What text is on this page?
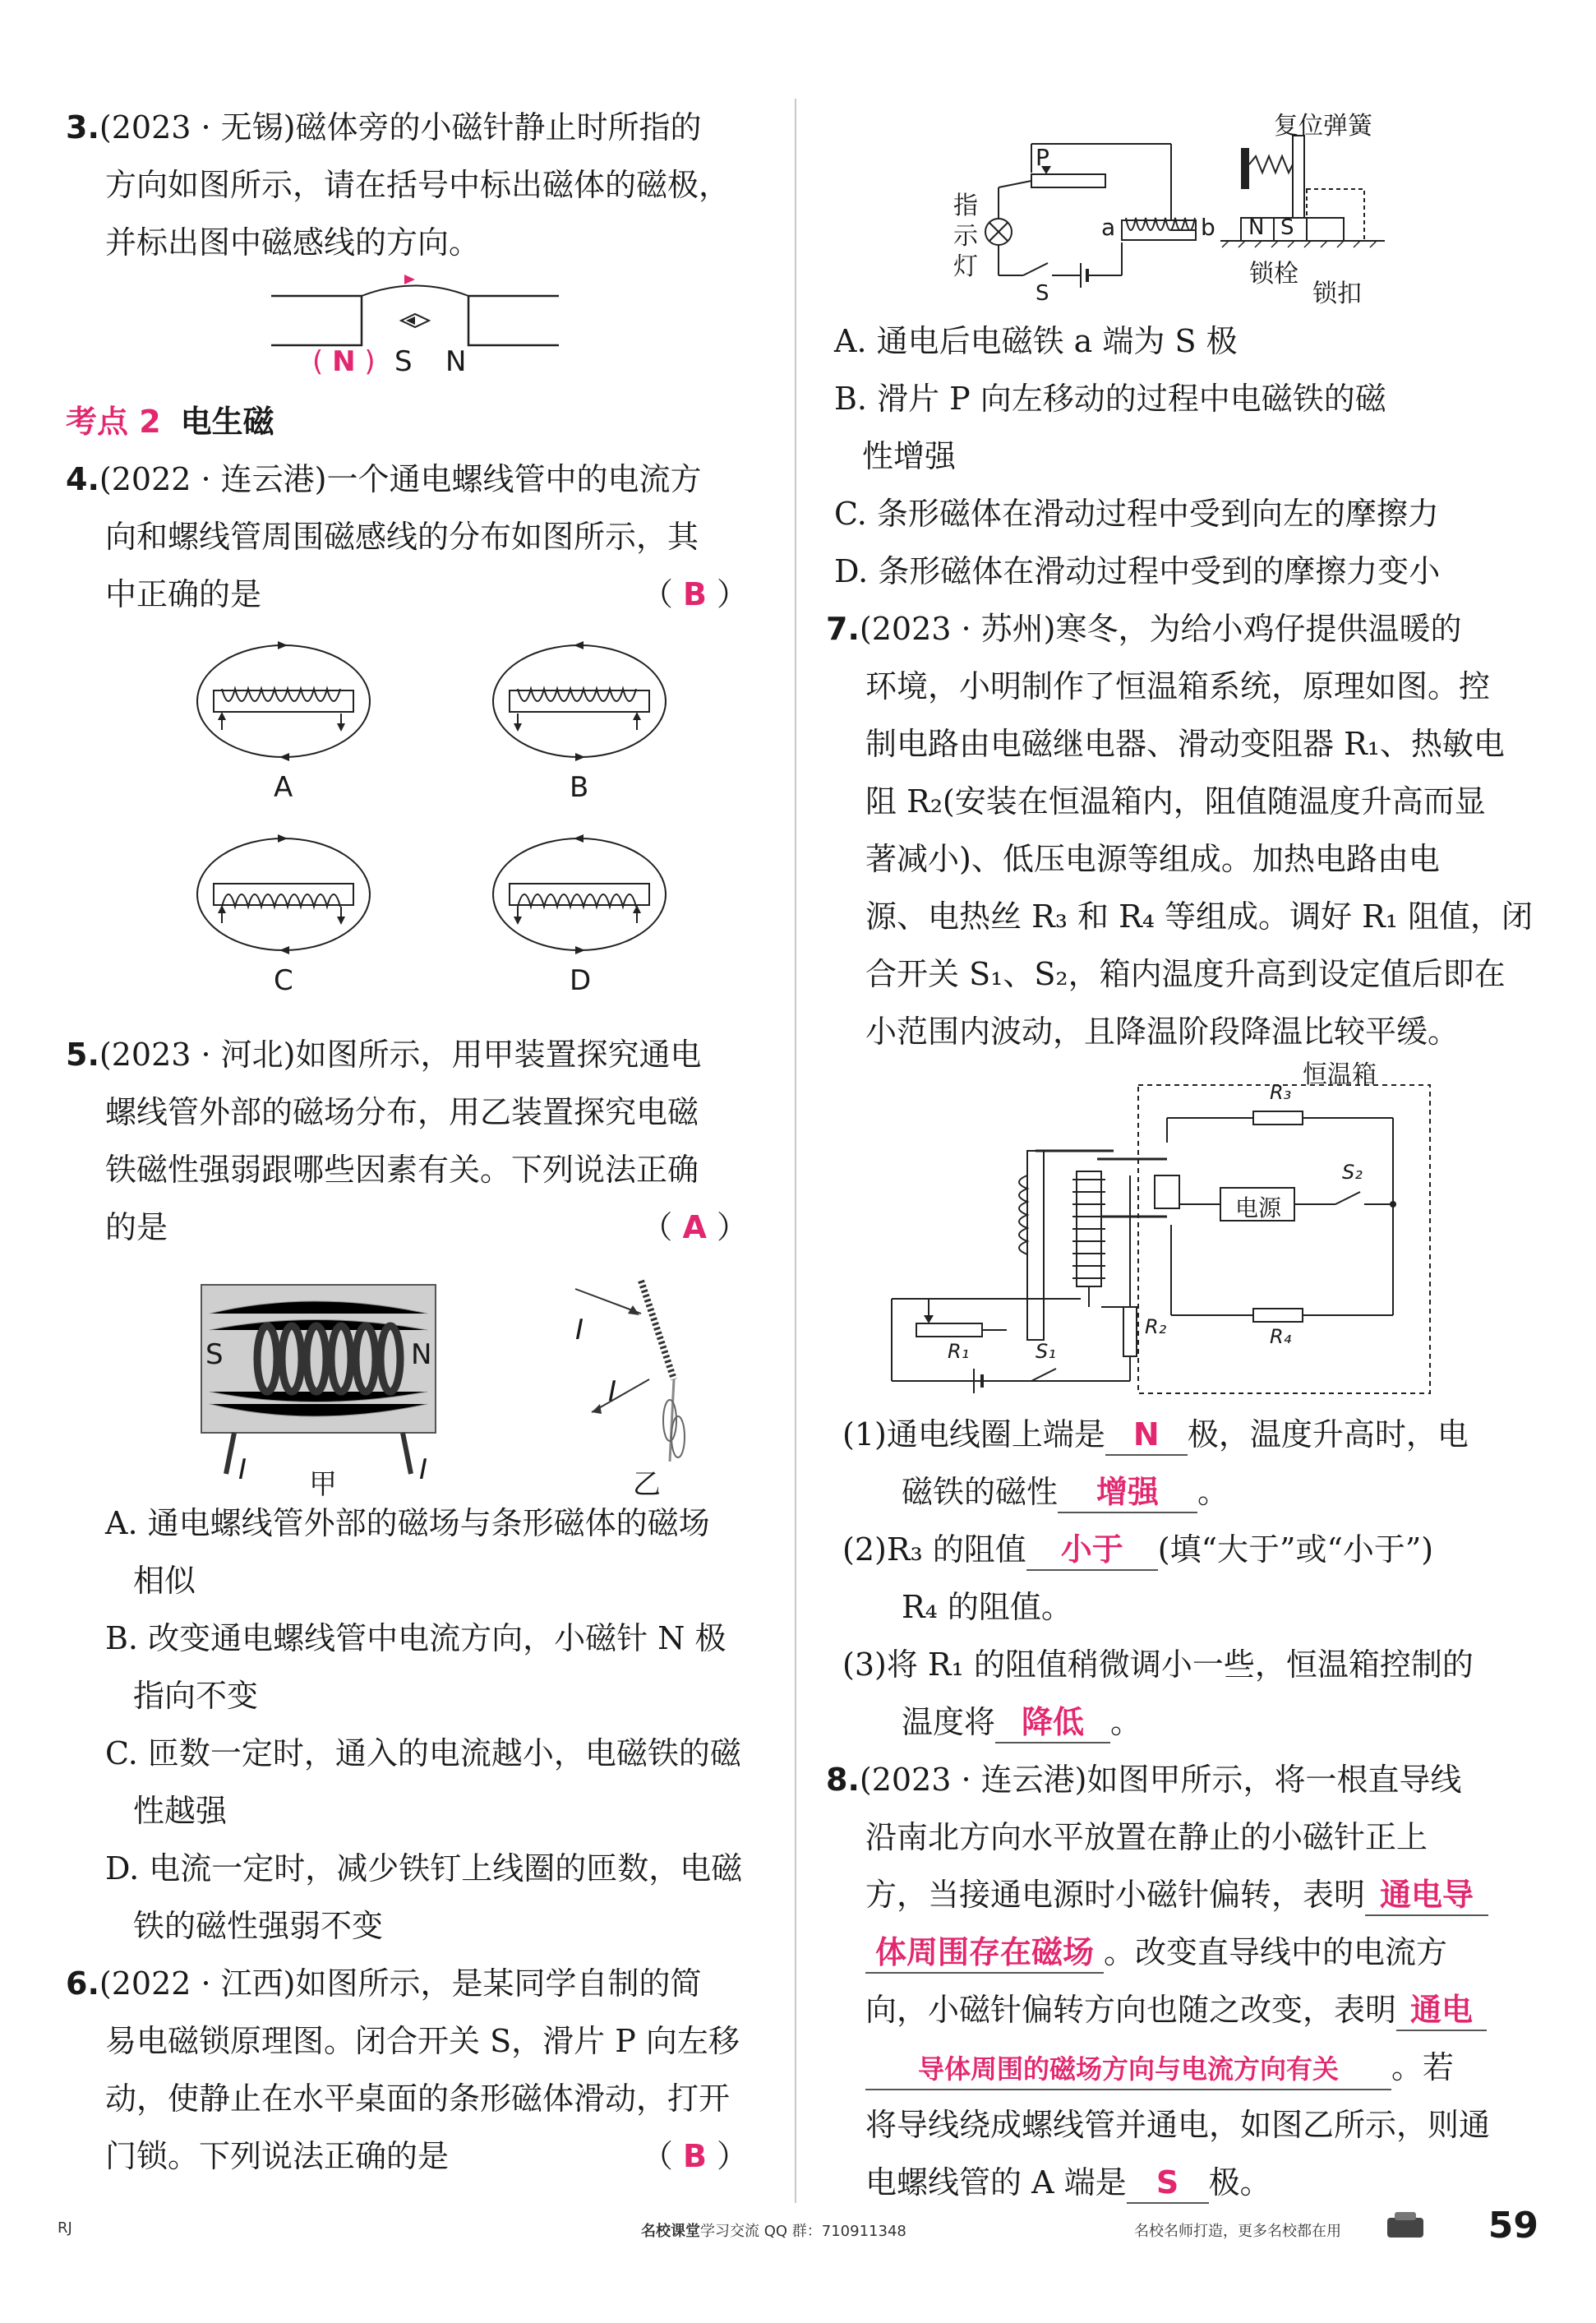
3.(2023 · 无锡)磁体旁的小磁针静止时所指的
方向如图所示，请在括号中标出磁体的磁极，
并标出图中磁感线的方向。
( N ) S N
考点 2 电生磁
4.(2022 · 连云港)一个通电螺线管中的电流方
向和螺线管周围磁感线的分布如图所示，其
中正确的是	（ B ）
A	B
C	D
5.(2023 · 河北)如图所示，用甲装置探究通电
螺线管外部的磁场分布，用乙装置探究电磁
铁磁性强弱跟哪些因素有关。下列说法正确
的是	（ A ）
S	N
I	I
I
I
甲	乙
A. 通电螺线管外部的磁场与条形磁体的磁场
相似
B. 改变通电螺线管中电流方向，小磁针 N 极
指向不变
C. 匝数一定时，通入的电流越小，电磁铁的磁
性越强
D. 电流一定时，减少铁钉上线圈的匝数，电磁
铁的磁性强弱不变
6.(2022 · 江西)如图所示，是某同学自制的简
易电磁锁原理图。闭合开关 S，滑片 P 向左移
动，使静止在水平桌面的条形磁体滑动，打开
门锁。下列说法正确的是	（ B ）
复位弹簧
P
指
示
灯
a	b N S
S
锁栓
锁扣
A. 通电后电磁铁 a 端为 S 极
B. 滑片 P 向左移动的过程中电磁铁的磁
性增强
C. 条形磁体在滑动过程中受到向左的摩擦力
D. 条形磁体在滑动过程中受到的摩擦力变小
7.(2023 · 苏州)寒冬，为给小鸡仔提供温暖的
环境，小明制作了恒温箱系统，原理如图。控
制电路由电磁继电器、滑动变阻器 R₁、热敏电
阻 R₂(安装在恒温箱内，阻值随温度升高而显
著减小)、低压电源等组成。加热电路由电
源、电热丝 R₃ 和 R₄ 等组成。调好 R₁ 阻值，闭
合开关 S₁、S₂，箱内温度升高到设定值后即在
小范围内波动，且降温阶段降温比较平缓。
恒温箱
R₃
电源
S₂
R₄
R₂
R₁	S₁
(1)通电线圈上端是 N 极，温度升高时，电
磁铁的磁性 增强 。
(2)R₃ 的阻值 小于 (填“大于”或“小于”)
R₄ 的阻值。
(3)将 R₁ 的阻值稍微调小一些，恒温箱控制的
温度将 降低 。
8.(2023 · 连云港)如图甲所示，将一根直导线
沿南北方向水平放置在静止的小磁针正上
方，当接通电源时小磁针偏转，表明 通电导
体周围存在磁场 。改变直导线中的电流方
向，小磁针偏转方向也随之改变，表明 通电
导体周围的磁场方向与电流方向有关 。若
将导线绕成螺线管并通电，如图乙所示，则通
电螺线管的 A 端是 S 极。
RJ	名校课堂学习交流 QQ 群：710911348	名校名师打造，更多名校都在用	59
